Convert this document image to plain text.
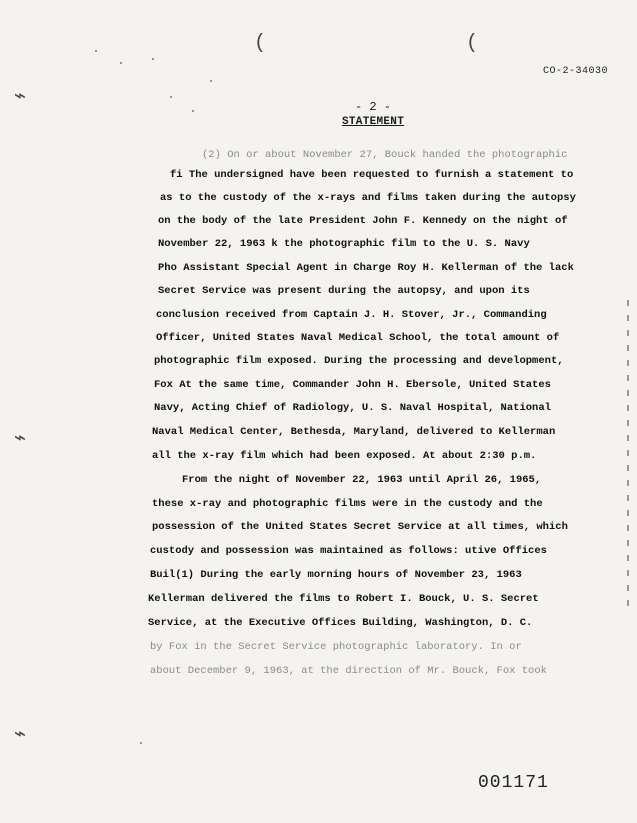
(	(
⌁
⌁
⌁
CO-2-34030
- 2 -
STATEMENT
(2) On or about November 27, Bouck handed the photographic
fi The undersigned have been requested to furnish a statement to
as to the custody of the x-rays and films taken during the autopsy
on the body of the late President John F. Kennedy on the night of
November 22, 1963 k the photographic film to the U. S. Navy
Pho Assistant Special Agent in Charge Roy H. Kellerman of the lack
Secret Service was present during the autopsy, and upon its
conclusion received from Captain J. H. Stover, Jr., Commanding
Officer, United States Naval Medical School, the total amount of
photographic film exposed. During the processing and development,
Fox At the same time, Commander John H. Ebersole, United States
Navy, Acting Chief of Radiology, U. S. Naval Hospital, National
Naval Medical Center, Bethesda, Maryland, delivered to Kellerman
all the x-ray film which had been exposed. At about 2:30 p.m.
From the night of November 22, 1963 until April 26, 1965,
these x-ray and photographic films were in the custody and the
possession of the United States Secret Service at all times, which
custody and possession was maintained as follows: utive Offices
Buil(1) During the early morning hours of November 23, 1963
Kellerman delivered the films to Robert I. Bouck, U. S. Secret
Service, at the Executive Offices Building, Washington, D. C.
by Fox in the Secret Service photographic laboratory. In or
about December 9, 1963, at the direction of Mr. Bouck, Fox took
001171
